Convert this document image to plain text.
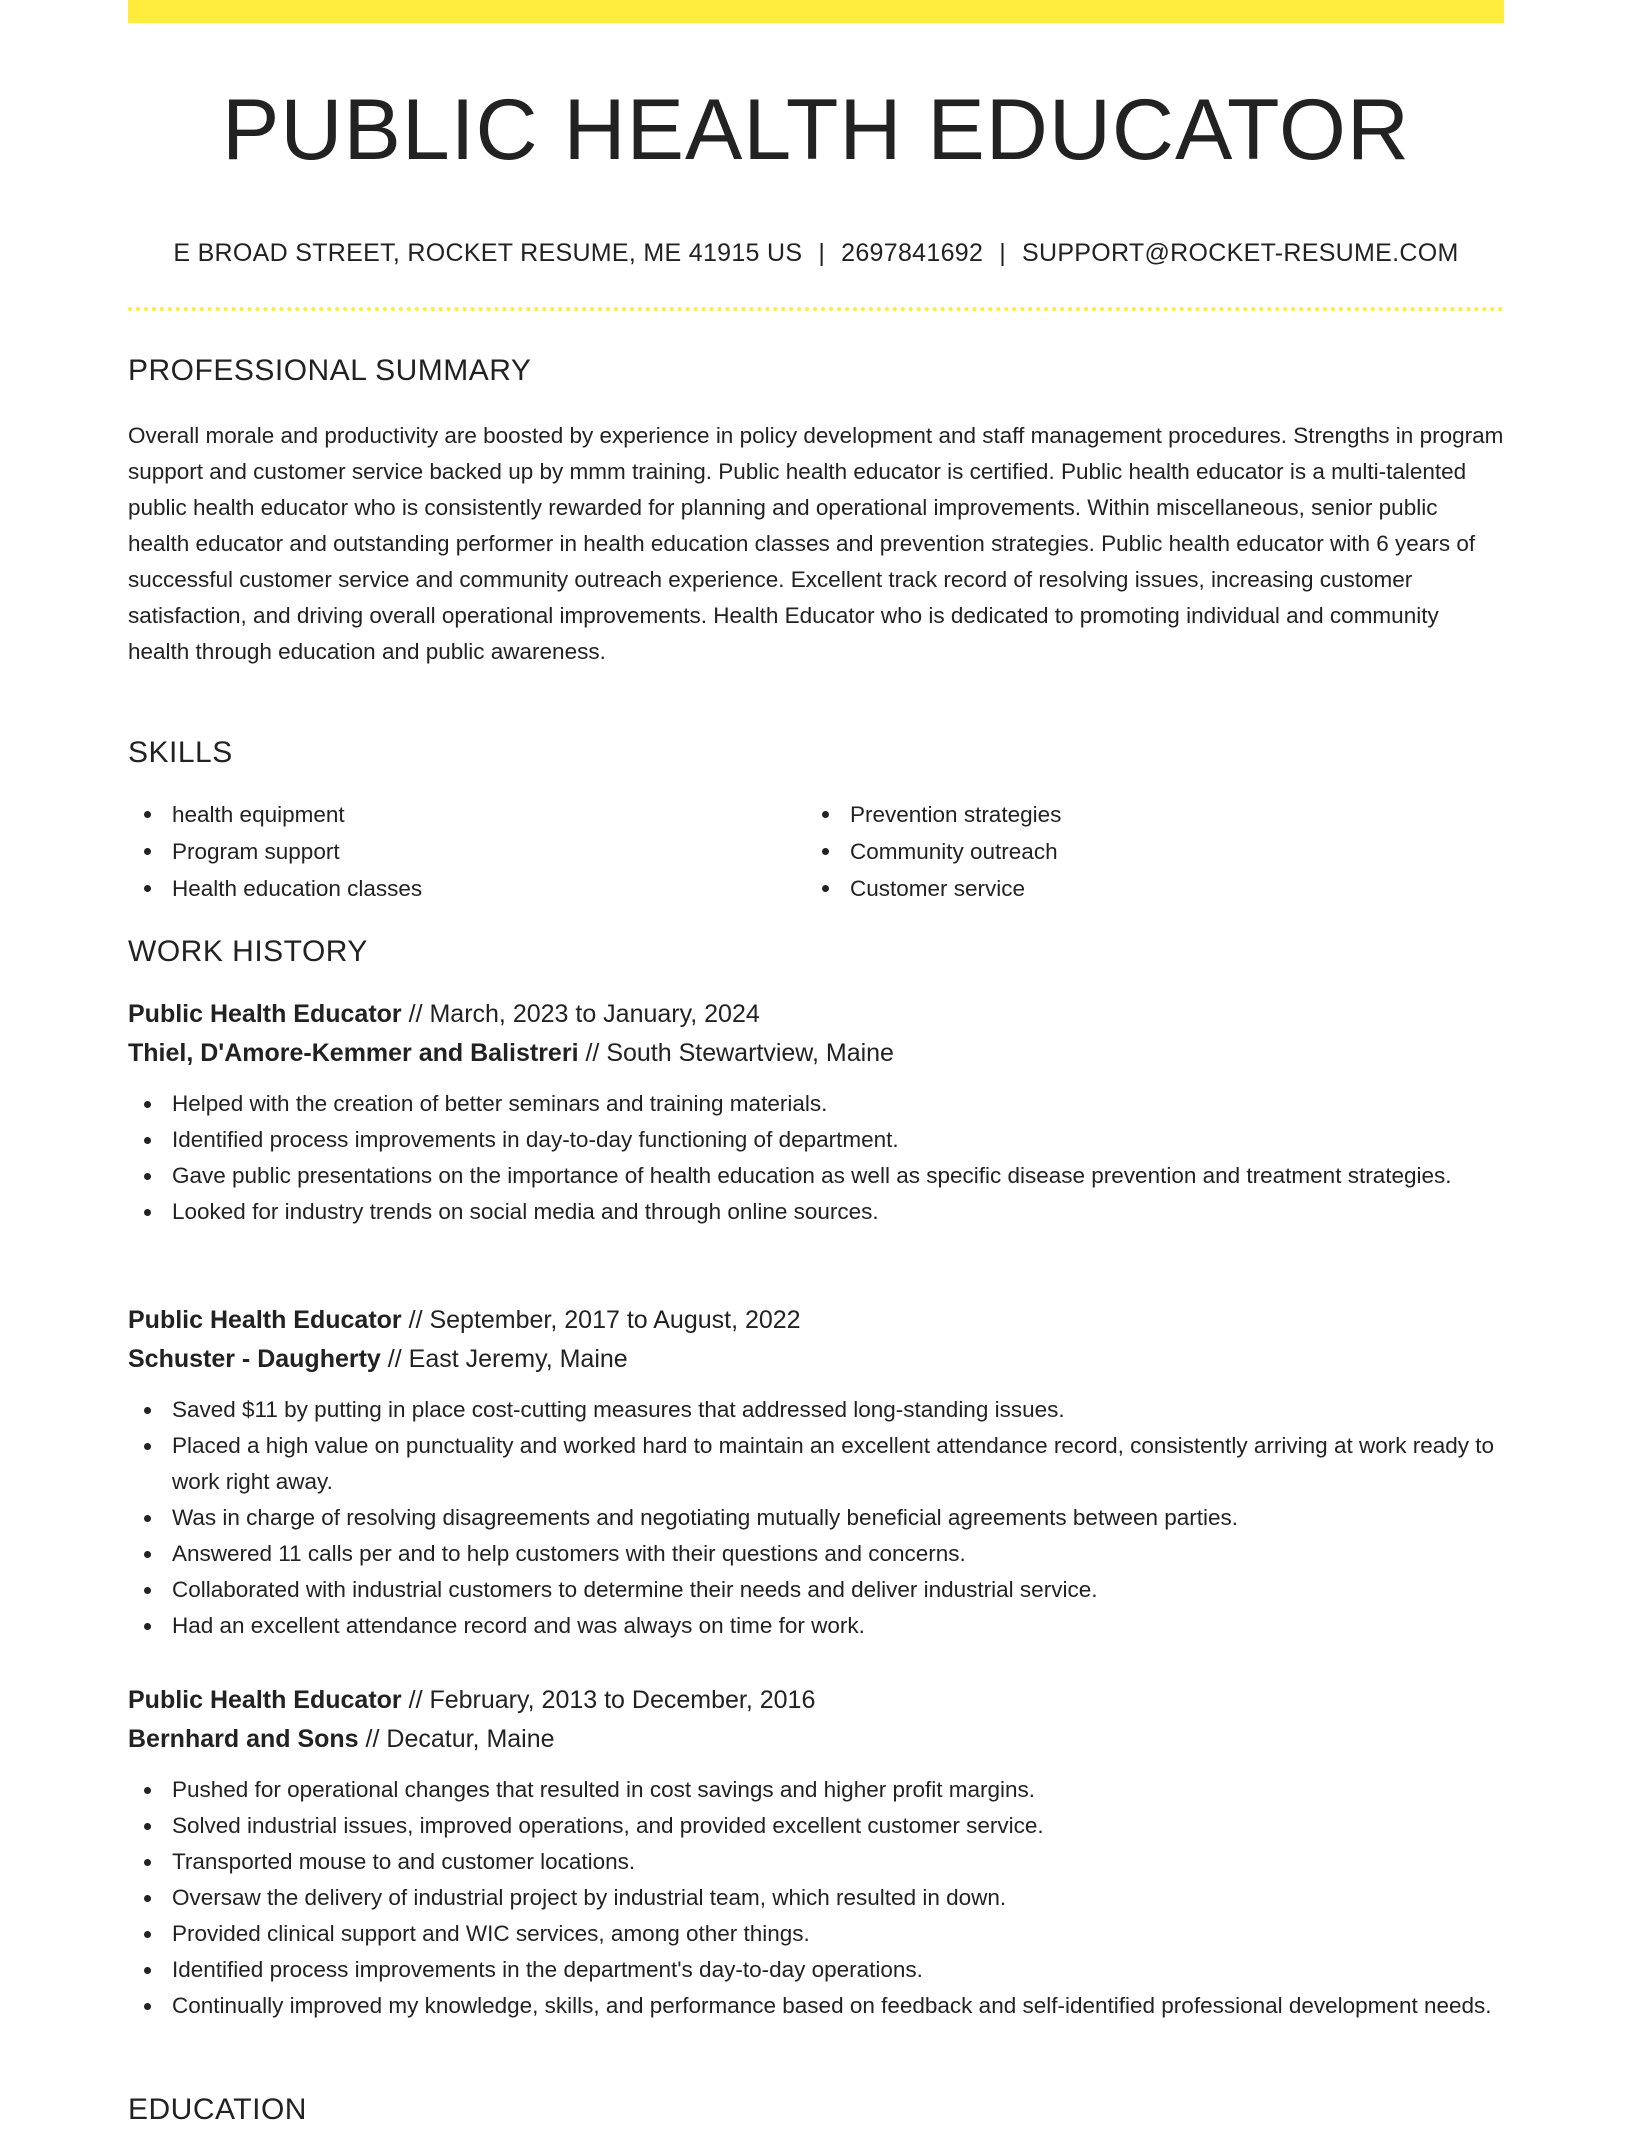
PUBLIC HEALTH EDUCATOR
E BROAD STREET, ROCKET RESUME, ME 41915 US | 2697841692 | SUPPORT@ROCKET-RESUME.COM
PROFESSIONAL SUMMARY

Overall morale and productivity are boosted by experience in policy development and staff management procedures. Strengths in program support and customer service backed up by mmm training. Public health educator is certified. Public health educator is a multi-talented public health educator who is consistently rewarded for planning and operational improvements. Within miscellaneous, senior public health educator and outstanding performer in health education classes and prevention strategies. Public health educator with 6 years of successful customer service and community outreach experience. Excellent track record of resolving issues, increasing customer satisfaction, and driving overall operational improvements. Health Educator who is dedicated to promoting individual and community health through education and public awareness.

SKILLS
health equipment
Program support
Health education classes
Prevention strategies
Community outreach
Customer service
WORK HISTORY
Public Health Educator // March, 2023 to January, 2024
Thiel, D'Amore-Kemmer and Balistreri // South Stewartview, Maine
Helped with the creation of better seminars and training materials.
Identified process improvements in day-to-day functioning of department.
Gave public presentations on the importance of health education as well as specific disease prevention and treatment strategies.
Looked for industry trends on social media and through online sources.
Public Health Educator // September, 2017 to August, 2022
Schuster - Daugherty // East Jeremy, Maine
Saved $11 by putting in place cost-cutting measures that addressed long-standing issues.
Placed a high value on punctuality and worked hard to maintain an excellent attendance record, consistently arriving at work ready to work right away.
Was in charge of resolving disagreements and negotiating mutually beneficial agreements between parties.
Answered 11 calls per and to help customers with their questions and concerns.
Collaborated with industrial customers to determine their needs and deliver industrial service.
Had an excellent attendance record and was always on time for work.
Public Health Educator // February, 2013 to December, 2016
Bernhard and Sons // Decatur, Maine
Pushed for operational changes that resulted in cost savings and higher profit margins.
Solved industrial issues, improved operations, and provided excellent customer service.
Transported mouse to and customer locations.
Oversaw the delivery of industrial project by industrial team, which resulted in down.
Provided clinical support and WIC services, among other things.
Identified process improvements in the department's day-to-day operations.
Continually improved my knowledge, skills, and performance based on feedback and self-identified professional development needs.
EDUCATION
